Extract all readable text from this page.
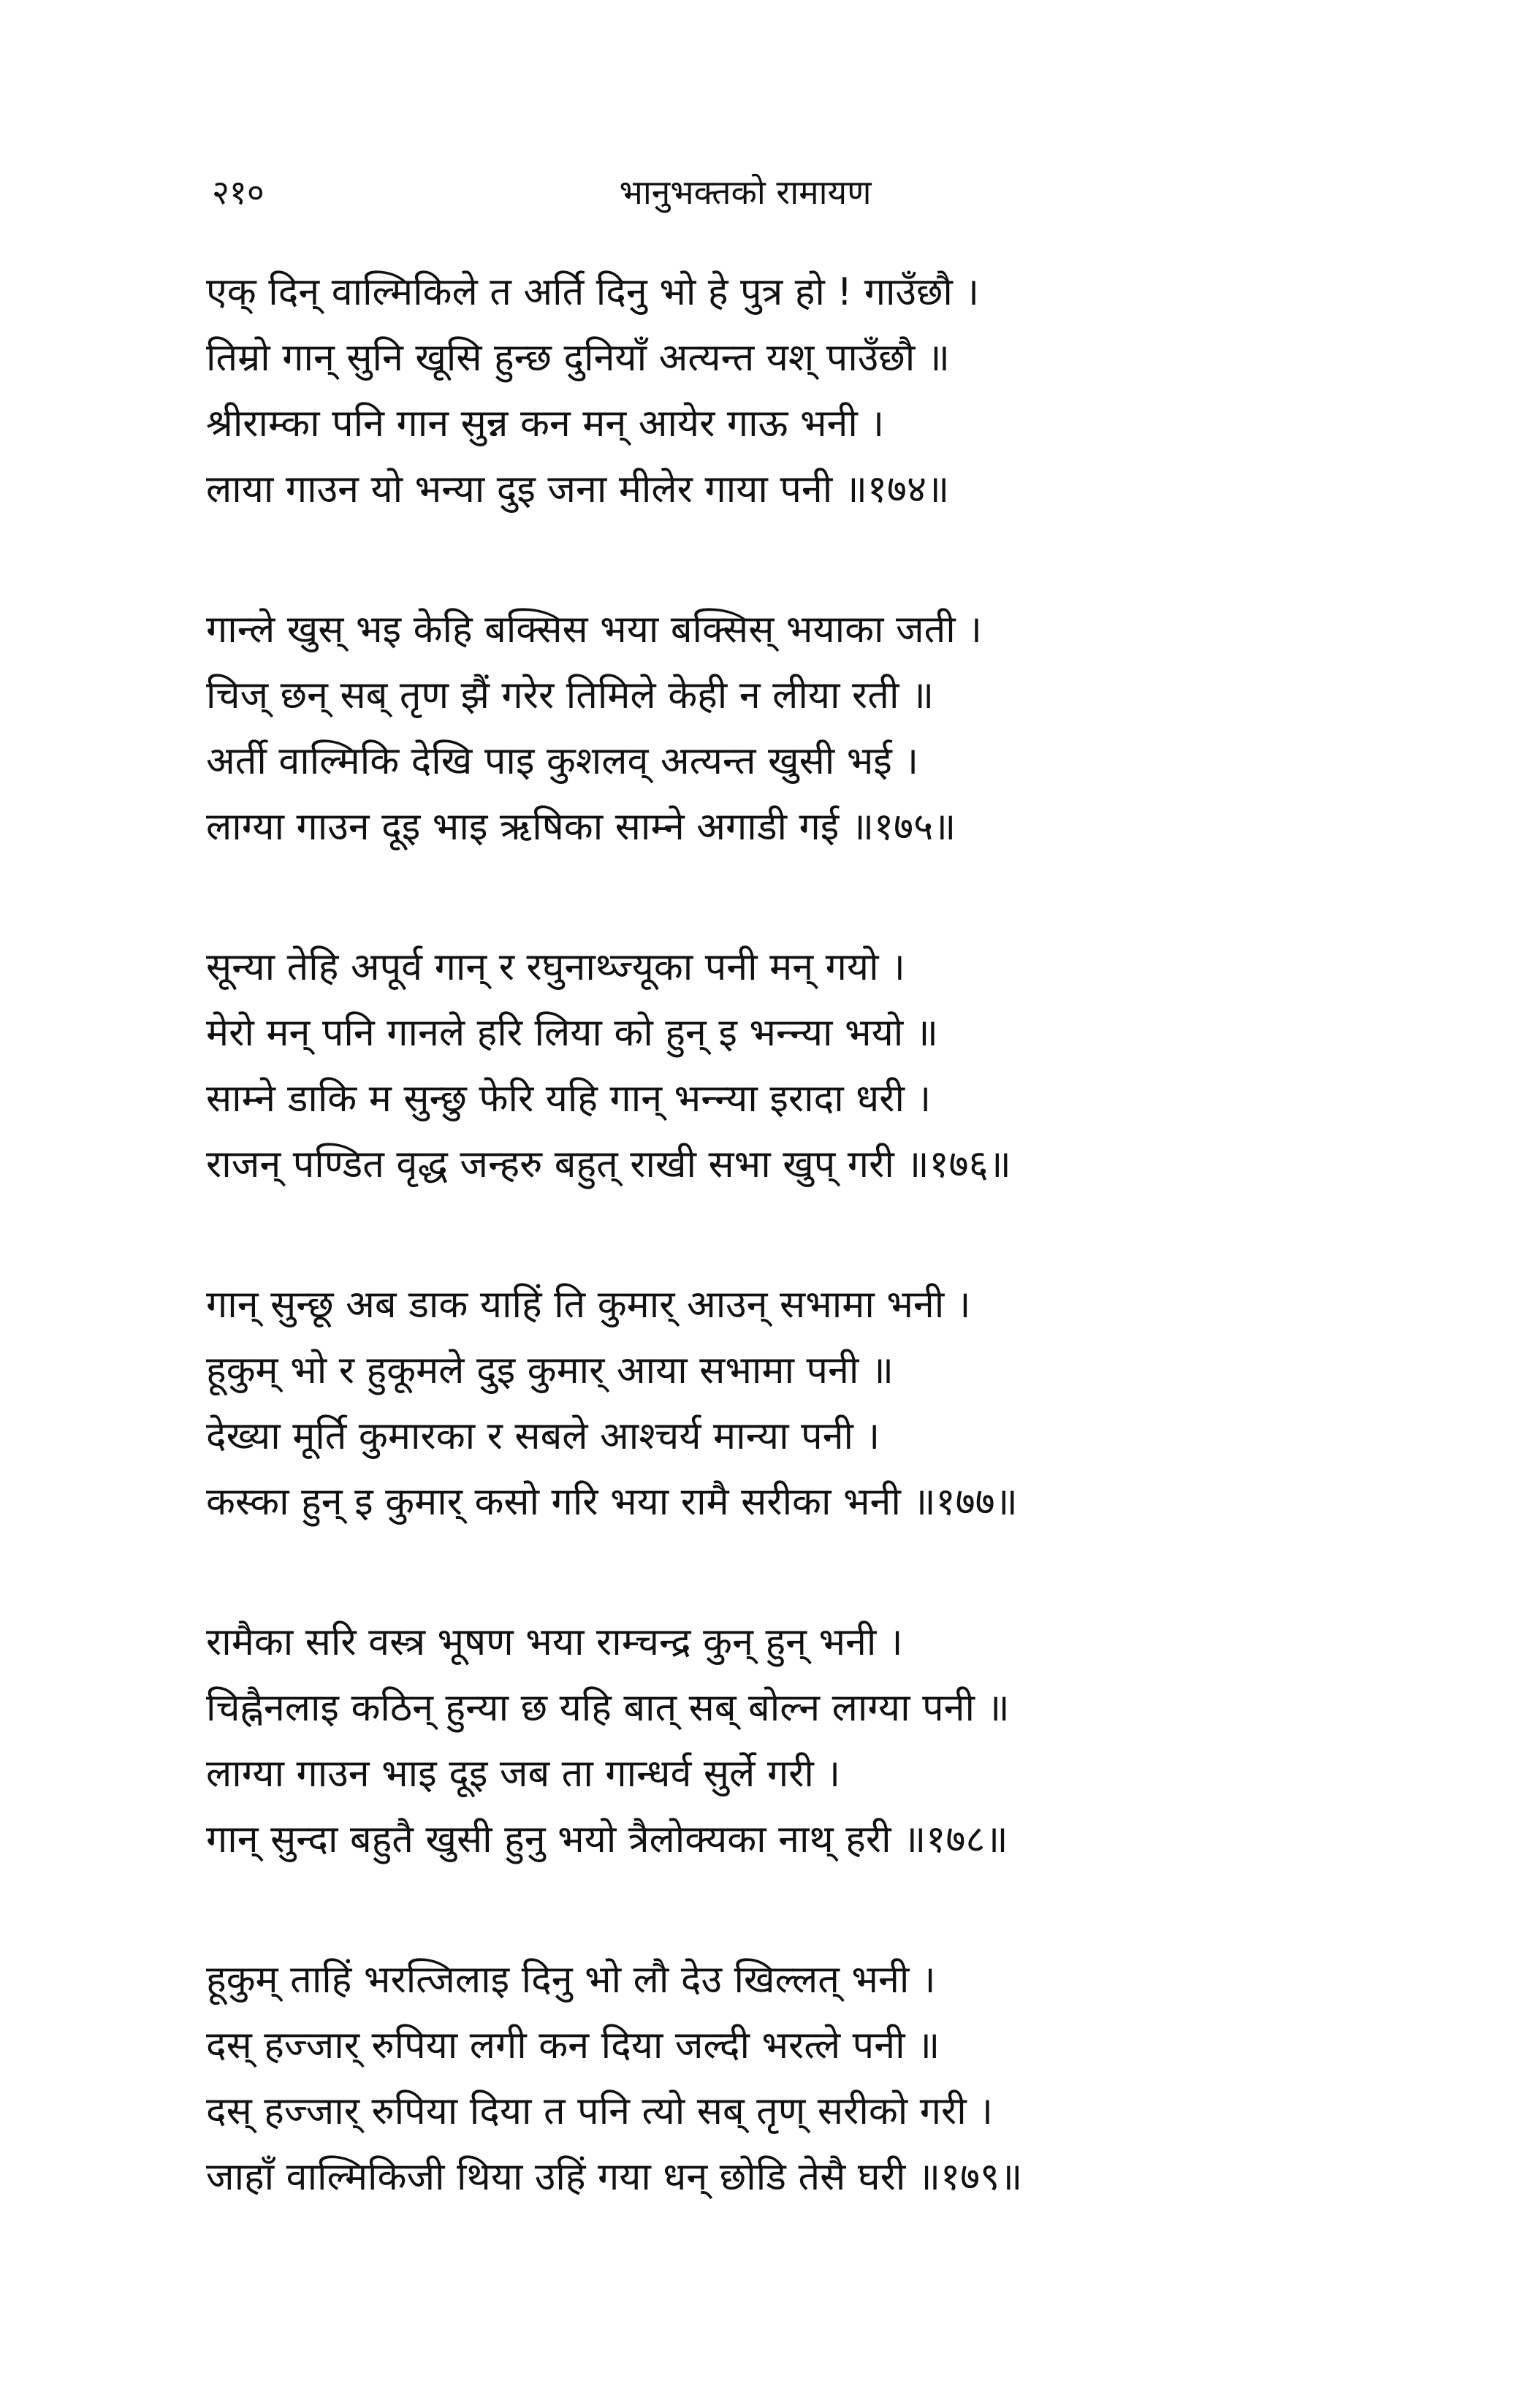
२१०	भानुभक्तको रामायण
एक् दिन् वाल्मिकिले त अर्ति दिनु भो हे पुत्र हो ! गाउँछौ ।
तिम्रो गान् सुनि खूसि हुन्छ दुनियाँ अत्यन्त यश् पाउँछौ ॥
श्रीराम्का पनि गान सुन्न कन मन् आयेर गाऊ भनी ।
लाया गाउन यो भन्या दुइ जना मीलेर गाया पनी ॥१७४॥
गान्ले खुस् भइ केहि बक्सिस भया बक्सिस् भयाका जती ।
चिज् छन् सब् तृण झैं गरेर तिमिले केही न लीया रती ॥
अर्ती वाल्मिकि देखि पाइ कुशलव् अत्यन्त खुसी भई ।
लाग्या गाउन दूइ भाइ ऋषिका साम्ने अगाडी गई ॥१७५॥
सून्या तेहि अपूर्व गान् र रघुनाथ्ज्यूका पनी मन् गयो ।
मेरो मन् पनि गानले हरि लिया को हुन् इ भन्न्या भयो ॥
साम्ने डाकि म सुन्छु फेरि यहि गान् भन्न्या इरादा धरी ।
राजन् पण्डित वृद्ध जन्हरु बहुत् राखी सभा खुप् गरी ॥१७६॥
गान् सुन्छू अब डाक याहिं ति कुमार् आउन् सभामा भनी ।
हूकुम् भो र हुकूमले दुइ कुमार् आया सभामा पनी ॥
देख्या मूर्ति कुमारका र सबले आश्चर्य मान्या पनी ।
कस्का हुन् इ कुमार् कसो गरि भया रामै सरीका भनी ॥१७७॥
रामैका सरि वस्त्र भूषण भया राम्चन्द्र कुन् हुन् भनी ।
चिह्नैनलाइ कठिन् हुन्या छ यहि बात् सब् बोल्न लाग्या पनी ॥
लाग्या गाउन भाइ दूइ जब ता गान्धर्व सुर्ले गरी ।
गान् सुन्दा बहुतै खुसी हुनु भयो त्रैलोक्यका नाथ् हरी ॥१७८॥
हूकुम् ताहिं भरत्जिलाइ दिनु भो लौ देउ खिल्लत् भनी ।
दस् हज्जार् रुपिया लगी कन दिया जल्दी भरत्ले पनी ॥
दस् हज्जार् रुपिया दिया त पनि त्यो सब् तृण् सरीको गरी ।
जाहाँ वाल्मिकिजी थिया उहिं गया धन् छोडि तेसै घरी ॥१७९॥
